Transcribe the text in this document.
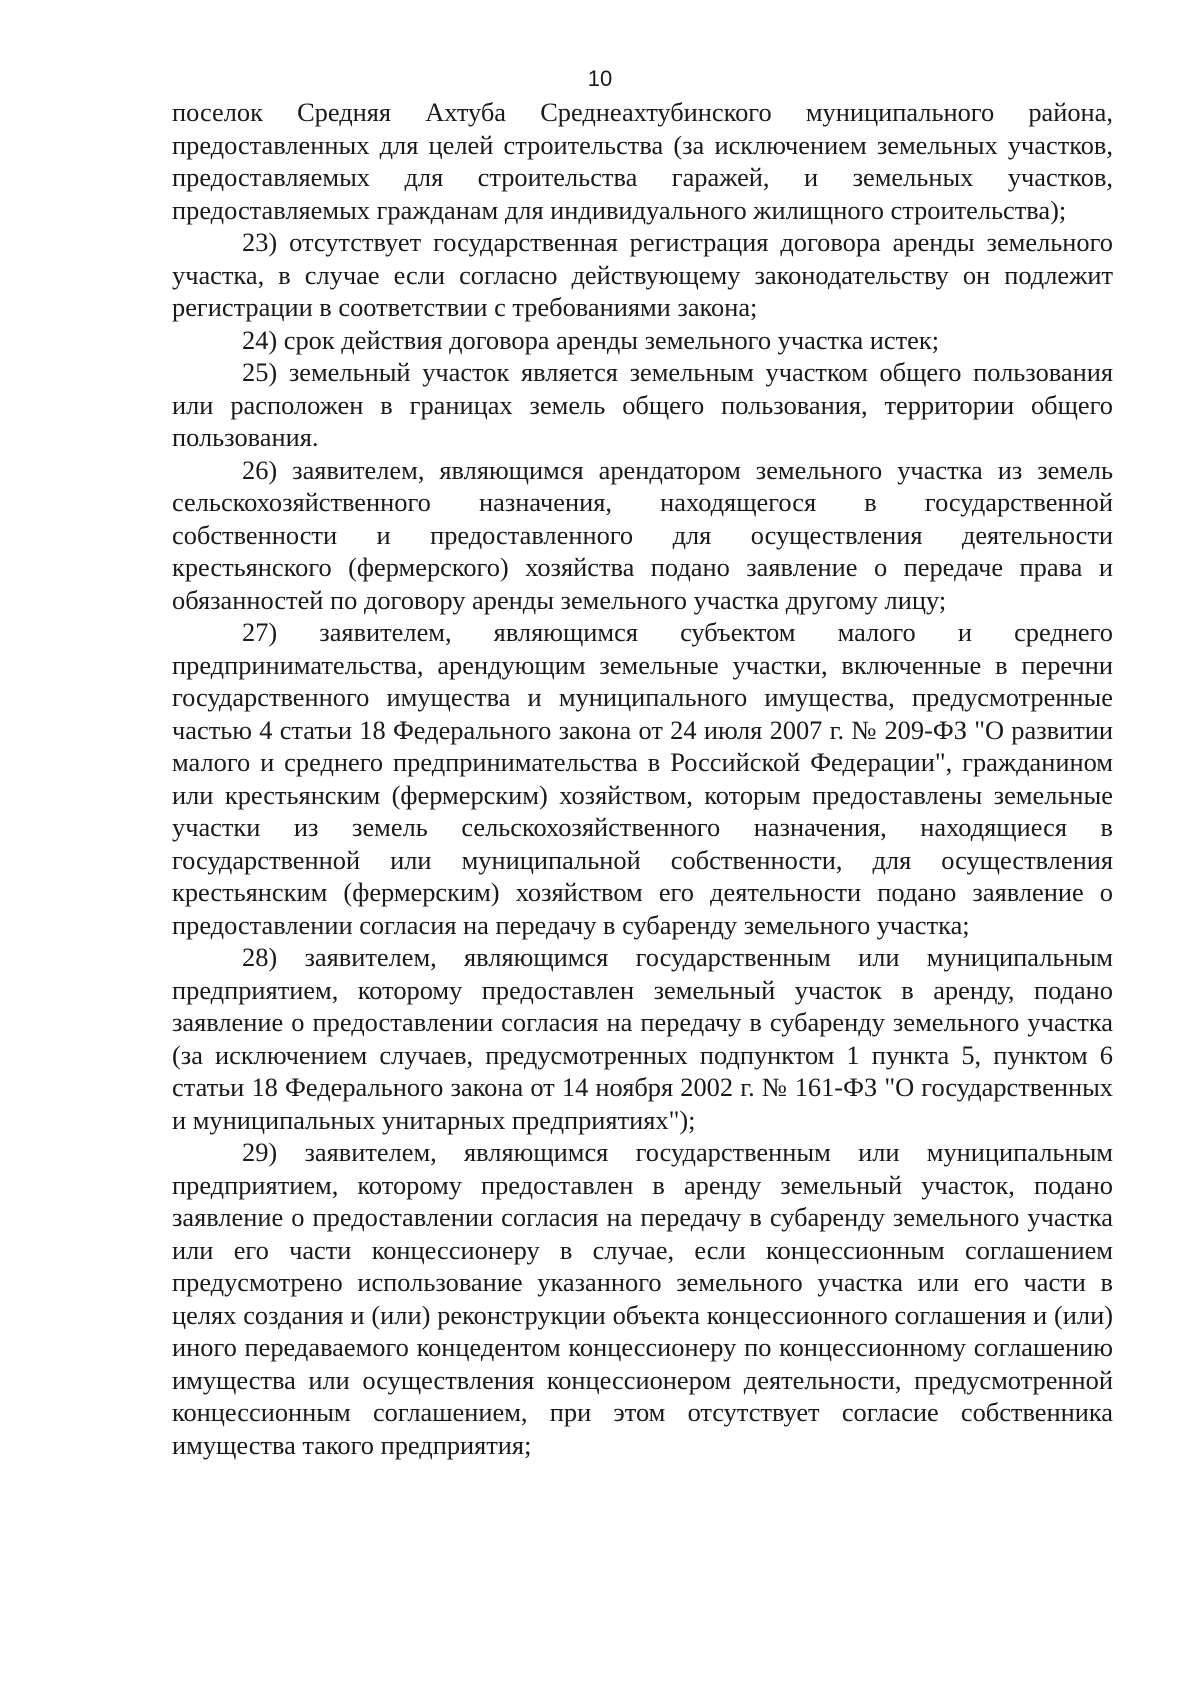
10

поселок Средняя Ахтуба Среднеахтубинского муниципального района, предоставленных для целей строительства (за исключением земельных участков, предоставляемых для строительства гаражей, и земельных участков, предоставляемых гражданам для индивидуального жилищного строительства);

23) отсутствует государственная регистрация договора аренды земельного участка, в случае если согласно действующему законодательству он подлежит регистрации в соответствии с требованиями закона;

24) срок действия договора аренды земельного участка истек;

25) земельный участок является земельным участком общего пользования или расположен в границах земель общего пользования, территории общего пользования.

26) заявителем, являющимся арендатором земельного участка из земель сельскохозяйственного назначения, находящегося в государственной собственности и предоставленного для осуществления деятельности крестьянского (фермерского) хозяйства подано заявление о передаче права и обязанностей по договору аренды земельного участка другому лицу;

27) заявителем, являющимся субъектом малого и среднего предпринимательства, арендующим земельные участки, включенные в перечни государственного имущества и муниципального имущества, предусмотренные частью 4 статьи 18 Федерального закона от 24 июля 2007 г. № 209-ФЗ "О развитии малого и среднего предпринимательства в Российской Федерации", гражданином или крестьянским (фермерским) хозяйством, которым предоставлены земельные участки из земель сельскохозяйственного назначения, находящиеся в государственной или муниципальной собственности, для осуществления крестьянским (фермерским) хозяйством его деятельности подано заявление о предоставлении согласия на передачу в субаренду земельного участка;

28) заявителем, являющимся государственным или муниципальным предприятием, которому предоставлен земельный участок в аренду, подано заявление о предоставлении согласия на передачу в субаренду земельного участка (за исключением случаев, предусмотренных подпунктом 1 пункта 5, пунктом 6 статьи 18 Федерального закона от 14 ноября 2002 г. № 161-ФЗ "О государственных и муниципальных унитарных предприятиях");

29) заявителем, являющимся государственным или муниципальным предприятием, которому предоставлен в аренду земельный участок, подано заявление о предоставлении согласия на передачу в субаренду земельного участка или его части концессионеру в случае, если концессионным соглашением предусмотрено использование указанного земельного участка или его части в целях создания и (или) реконструкции объекта концессионного соглашения и (или) иного передаваемого концедентом концессионеру по концессионному соглашению имущества или осуществления концессионером деятельности, предусмотренной концессионным соглашением, при этом отсутствует согласие собственника имущества такого предприятия;
